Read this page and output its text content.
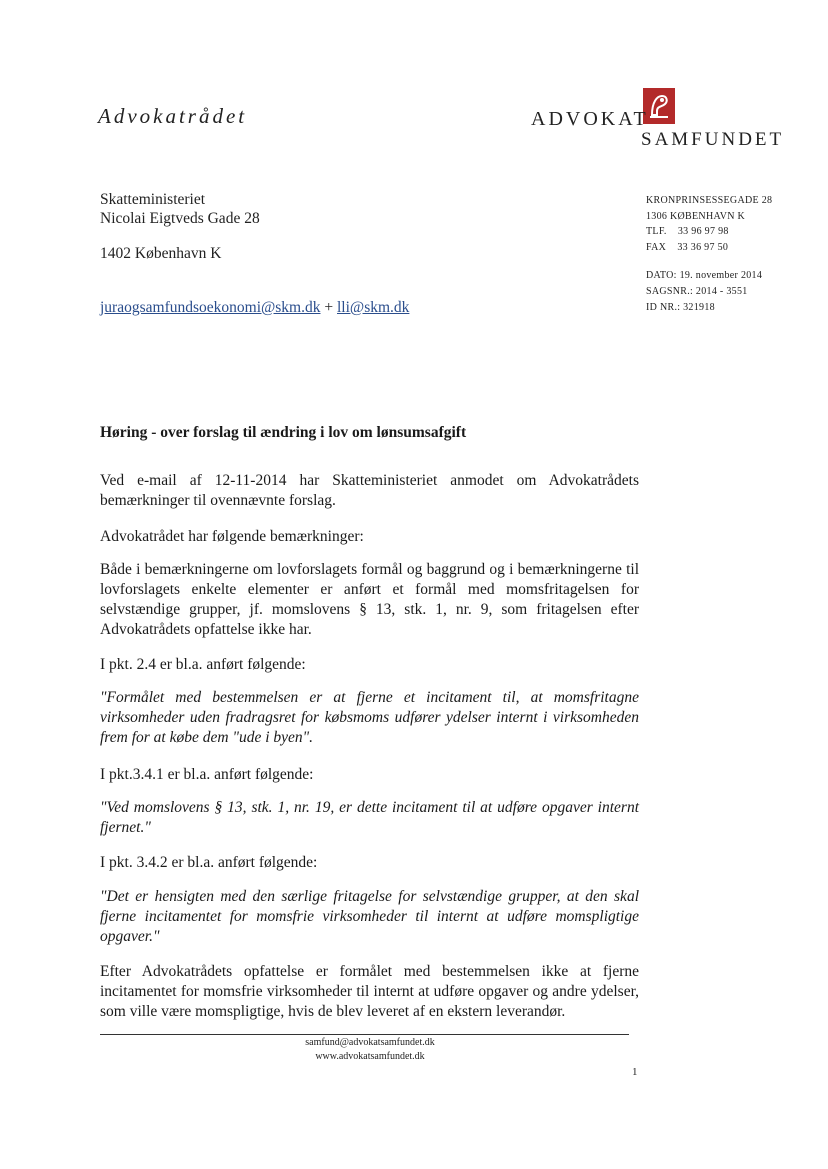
Advokatrådet	ADVOKAT
SAMFUNDET
Skatteministeriet
Nicolai Eigtveds Gade 28
1402 København K
juraogsamfundsoekonomi@skm.dk + lli@skm.dk
KRONPRINSESSEGADE 28
1306 KØBENHAVN K
TLF.    33 96 97 98
FAX    33 36 97 50
DATO: 19. november 2014
SAGSNR.: 2014 - 3551
ID NR.: 321918
Høring - over forslag til ændring i lov om lønsumsafgift
Ved e-mail af 12-11-2014 har Skatteministeriet anmodet om Advokatrådets bemærkninger til ovennævnte forslag.
Advokatrådet har følgende bemærkninger:
Både i bemærkningerne om lovforslagets formål og baggrund og i bemærkningerne til lovforslagets enkelte elementer er anført et formål med momsfritagelsen for selvstændige grupper, jf. momslovens § 13, stk. 1, nr. 9, som fritagelsen efter Advokatrådets opfattelse ikke har.
I pkt. 2.4 er bl.a. anført følgende:
"Formålet med bestemmelsen er at fjerne et incitament til, at momsfritagne virksomheder uden fradragsret for købsmoms udfører ydelser internt i virksomheden frem for at købe dem "ude i byen".
I pkt.3.4.1 er bl.a. anført følgende:
"Ved momslovens § 13, stk. 1, nr. 19, er dette incitament til at udføre opgaver internt fjernet."
I pkt. 3.4.2 er bl.a. anført følgende:
"Det er hensigten med den særlige fritagelse for selvstændige grupper, at den skal fjerne incitamentet for momsfrie virksomheder til internt at udføre momspligtige opgaver."
Efter Advokatrådets opfattelse er formålet med bestemmelsen ikke at fjerne incitamentet for momsfrie virksomheder til internt at udføre opgaver og andre ydelser, som ville være momspligtige, hvis de blev leveret af en ekstern leverandør.
samfund@advokatsamfundet.dk
www.advokatsamfundet.dk
1
